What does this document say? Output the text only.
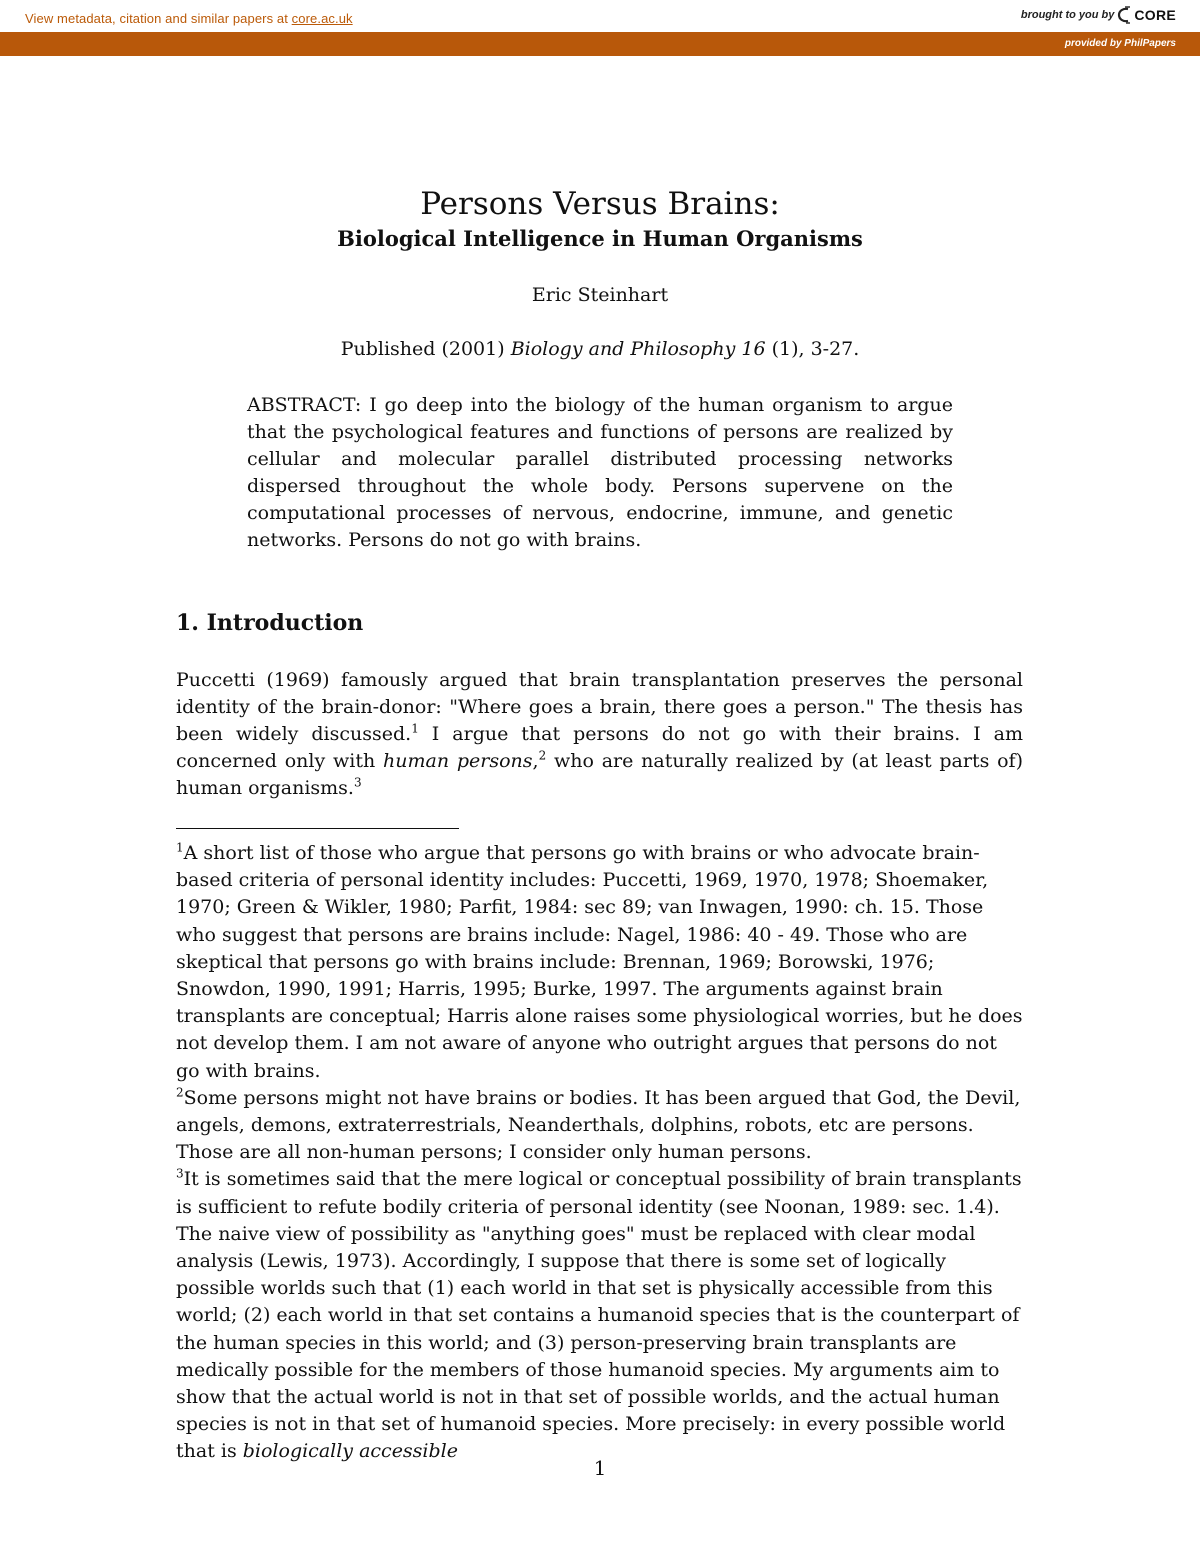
View metadata, citation and similar papers at core.ac.uk	brought to you by CORE
provided by PhilPapers
Persons Versus Brains:
Biological Intelligence in Human Organisms
Eric Steinhart
Published (2001) Biology and Philosophy 16 (1), 3-27.

ABSTRACT: I go deep into the biology of the human organism to argue that the psychological features and functions of persons are realized by cellular and molecular parallel distributed processing networks dispersed throughout the whole body. Persons supervene on the computational processes of nervous, endocrine, immune, and genetic networks. Persons do not go with brains.

1. Introduction

Puccetti (1969) famously argued that brain transplantation preserves the personal identity of the brain-donor: "Where goes a brain, there goes a person." The thesis has been widely discussed.$^1$ I argue that persons do not go with their brains. I am concerned only with human persons,$^2$ who are naturally realized by (at least parts of) human organisms.$^3$

$^1$A short list of those who argue that persons go with brains or who advocate brain-based criteria of personal identity includes: Puccetti, 1969, 1970, 1978; Shoemaker, 1970; Green & Wikler, 1980; Parfit, 1984: sec 89; van Inwagen, 1990: ch. 15. Those who suggest that persons are brains include: Nagel, 1986: 40 - 49. Those who are skeptical that persons go with brains include: Brennan, 1969; Borowski, 1976; Snowdon, 1990, 1991; Harris, 1995; Burke, 1997. The arguments against brain transplants are conceptual; Harris alone raises some physiological worries, but he does not develop them. I am not aware of anyone who outright argues that persons do not go with brains.
$^2$Some persons might not have brains or bodies. It has been argued that God, the Devil, angels, demons, extraterrestrials, Neanderthals, dolphins, robots, etc are persons. Those are all non-human persons; I consider only human persons.
$^3$It is sometimes said that the mere logical or conceptual possibility of brain transplants is sufficient to refute bodily criteria of personal identity (see Noonan, 1989: sec. 1.4). The naive view of possibility as "anything goes" must be replaced with clear modal analysis (Lewis, 1973). Accordingly, I suppose that there is some set of logically possible worlds such that (1) each world in that set is physically accessible from this world; (2) each world in that set contains a humanoid species that is the counterpart of the human species in this world; and (3) person-preserving brain transplants are medically possible for the members of those humanoid species. My arguments aim to show that the actual world is not in that set of possible worlds, and the actual human species is not in that set of humanoid species. More precisely: in every possible world that is biologically accessible
1
